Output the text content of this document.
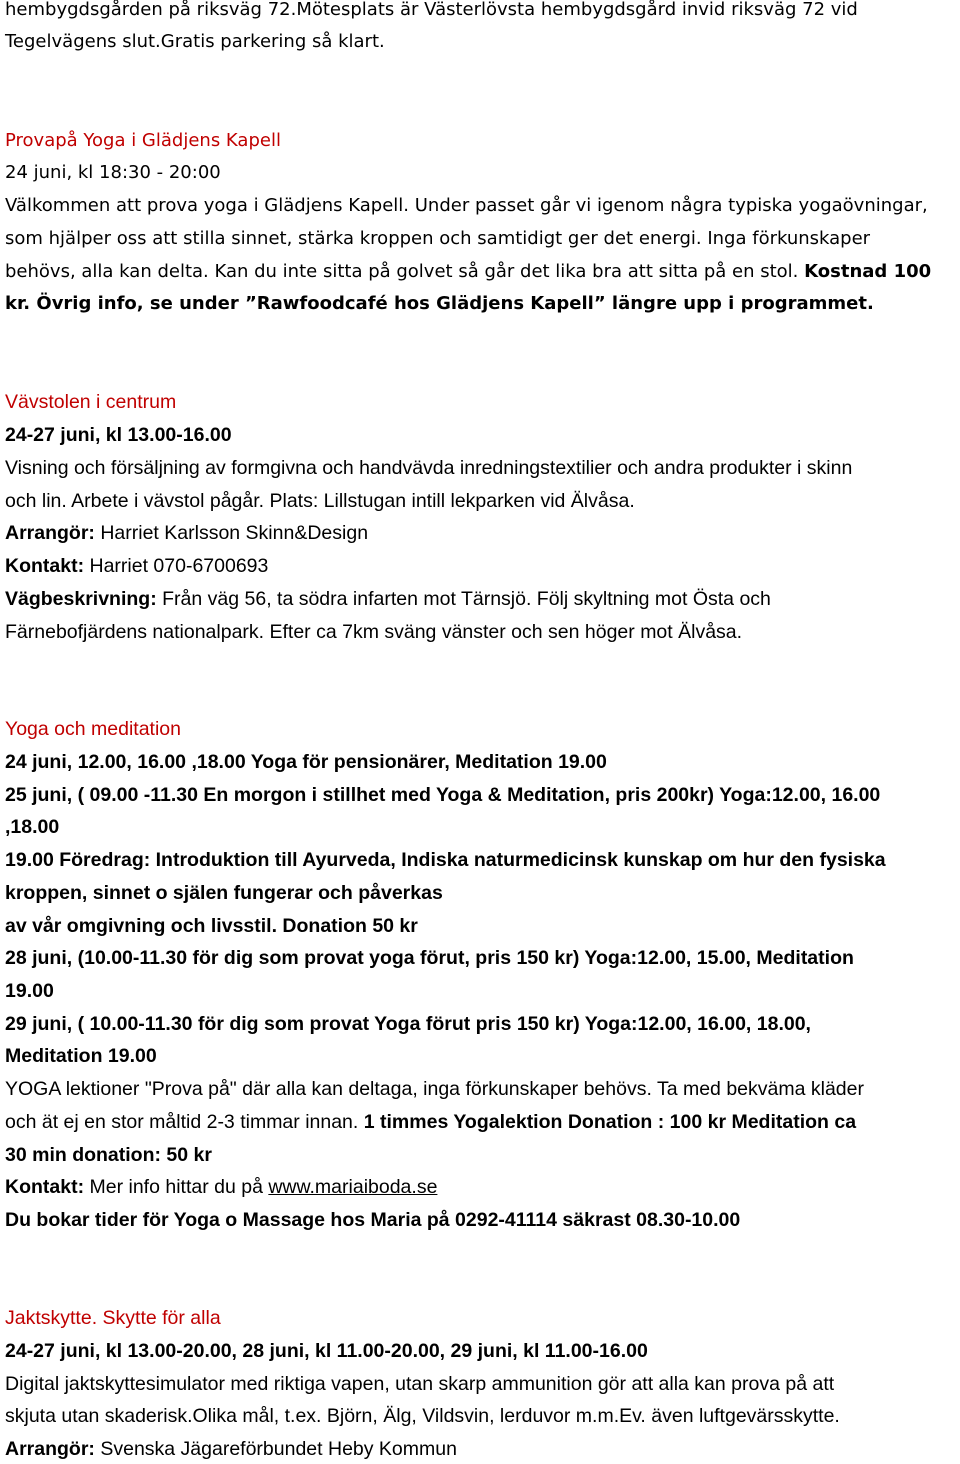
hembygdsgården på riksväg 72.Mötesplats är Västerlövsta hembygdsgård invid riksväg 72 vid
Tegelvägens slut.Gratis parkering så klart.
Provapå Yoga i Glädjens Kapell
24 juni, kl 18:30 - 20:00
Välkommen att prova yoga i Glädjens Kapell. Under passet går vi igenom några typiska yogaövningar,
som hjälper oss att stilla sinnet, stärka kroppen och samtidigt ger det energi. Inga förkunskaper
behövs, alla kan delta. Kan du inte sitta på golvet så går det lika bra att sitta på en stol. Kostnad 100
kr. Övrig info, se under ”Rawfoodcafé hos Glädjens Kapell” längre upp i programmet.
Vävstolen i centrum
24-27 juni, kl 13.00-16.00
Visning och försäljning av formgivna och handvävda inredningstextilier och andra produkter i skinn
och lin. Arbete i vävstol pågår. Plats: Lillstugan intill lekparken vid Älvåsa.
Arrangör: Harriet Karlsson Skinn&Design
Kontakt: Harriet 070-6700693
Vägbeskrivning: Från väg 56, ta södra infarten mot Tärnsjö. Följ skyltning mot Östa och
Färnebofjärdens nationalpark. Efter ca 7km sväng vänster och sen höger mot Älvåsa.
Yoga och meditation
24 juni, 12.00, 16.00 ,18.00 Yoga för pensionärer, Meditation 19.00
25 juni, ( 09.00 -11.30 En morgon i stillhet med Yoga & Meditation, pris 200kr) Yoga:12.00, 16.00
,18.00
19.00 Föredrag: Introduktion till Ayurveda, Indiska naturmedicinsk kunskap om hur den fysiska
kroppen, sinnet o själen fungerar och påverkas
av vår omgivning och livsstil. Donation 50 kr
28 juni, (10.00-11.30 för dig som provat yoga förut, pris 150 kr) Yoga:12.00, 15.00, Meditation
19.00
29 juni, ( 10.00-11.30 för dig som provat Yoga förut pris 150 kr) Yoga:12.00, 16.00, 18.00,
Meditation 19.00
YOGA lektioner "Prova på" där alla kan deltaga, inga förkunskaper behövs. Ta med bekväma kläder
och ät ej en stor måltid 2-3 timmar innan. 1 timmes Yogalektion Donation : 100 kr Meditation ca
30 min donation: 50 kr
Kontakt: Mer info hittar du på www.mariaiboda.se
Du bokar tider för Yoga o Massage hos Maria på 0292-41114 säkrast 08.30-10.00
Jaktskytte. Skytte för alla
24-27 juni, kl 13.00-20.00, 28 juni, kl 11.00-20.00, 29 juni, kl 11.00-16.00
Digital jaktskyttesimulator med riktiga vapen, utan skarp ammunition gör att alla kan prova på att
skjuta utan skaderisk.Olika mål, t.ex. Björn, Älg, Vildsvin, lerduvor m.m.Ev. även luftgevärsskytte.
Arrangör: Svenska Jägareförbundet Heby Kommun
